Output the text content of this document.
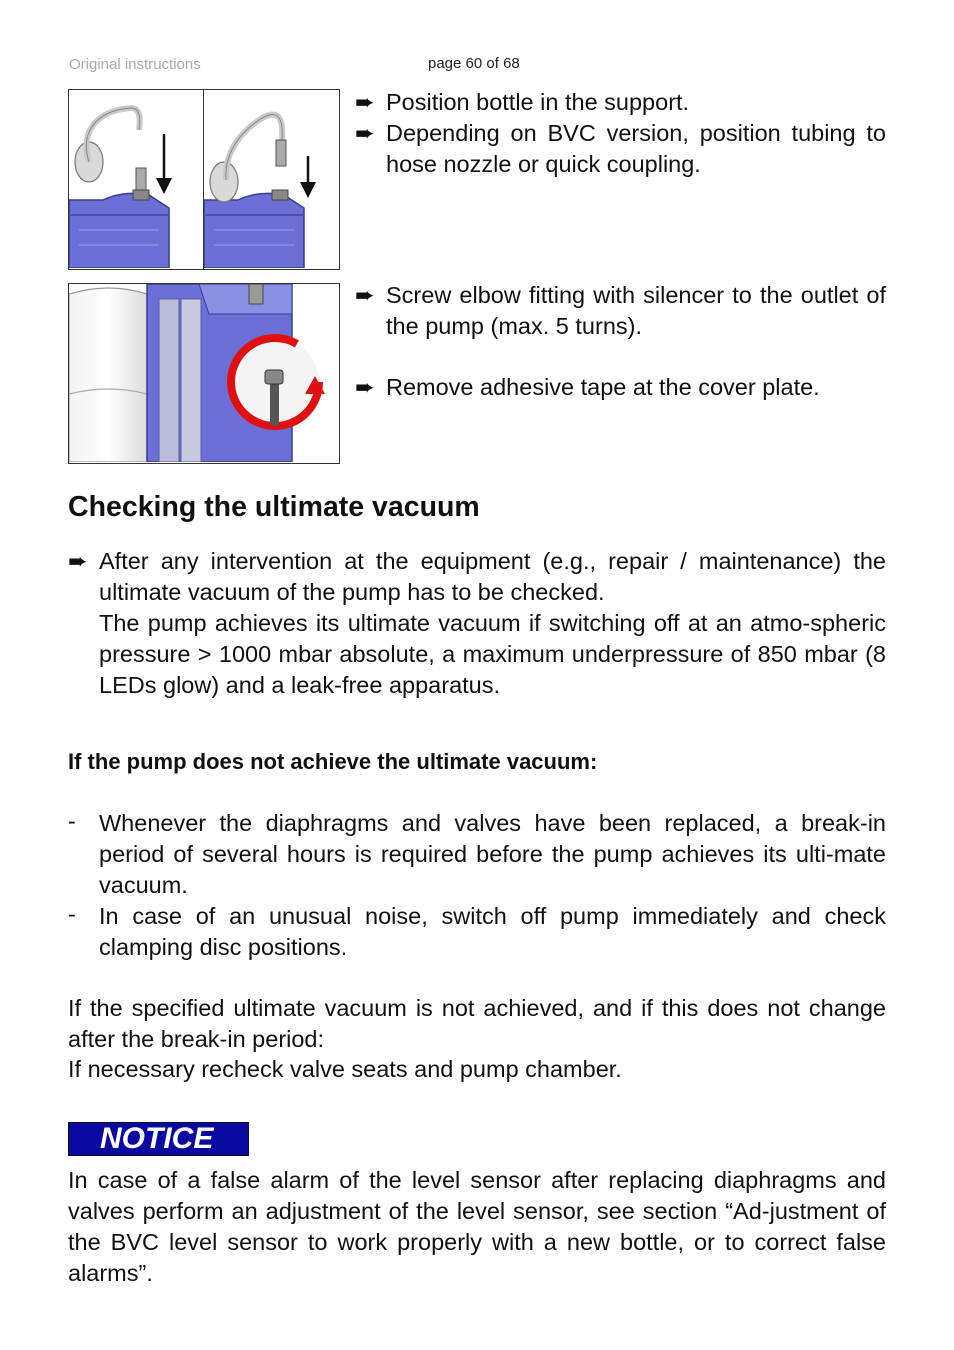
Original instructions	page 60 of 68
➨ Position bottle in the support.
➨ Depending on BVC version, position tubing to hose nozzle or quick coupling.
➨ Screw elbow fitting with silencer to the outlet of the pump (max. 5 turns).
➨ Remove adhesive tape at the cover plate.
Checking the ultimate vacuum
➨ After any intervention at the equipment (e.g., repair / maintenance) the ultimate vacuum of the pump has to be checked.
The pump achieves its ultimate vacuum if switching off at an atmo-spheric pressure > 1000 mbar absolute, a maximum underpressure of 850 mbar (8 LEDs glow) and a leak-free apparatus.
If the pump does not achieve the ultimate vacuum:
- Whenever the diaphragms and valves have been replaced, a break-in period of several hours is required before the pump achieves its ulti-mate vacuum.
- In case of an unusual noise, switch off pump immediately and check clamping disc positions.
If the specified ultimate vacuum is not achieved, and if this does not change after the break-in period:
If necessary recheck valve seats and pump chamber.
NOTICE
In case of a false alarm of the level sensor after replacing diaphragms and valves perform an adjustment of the level sensor, see section “Ad-justment of the BVC level sensor to work properly with a new bottle, or to correct false alarms”.
